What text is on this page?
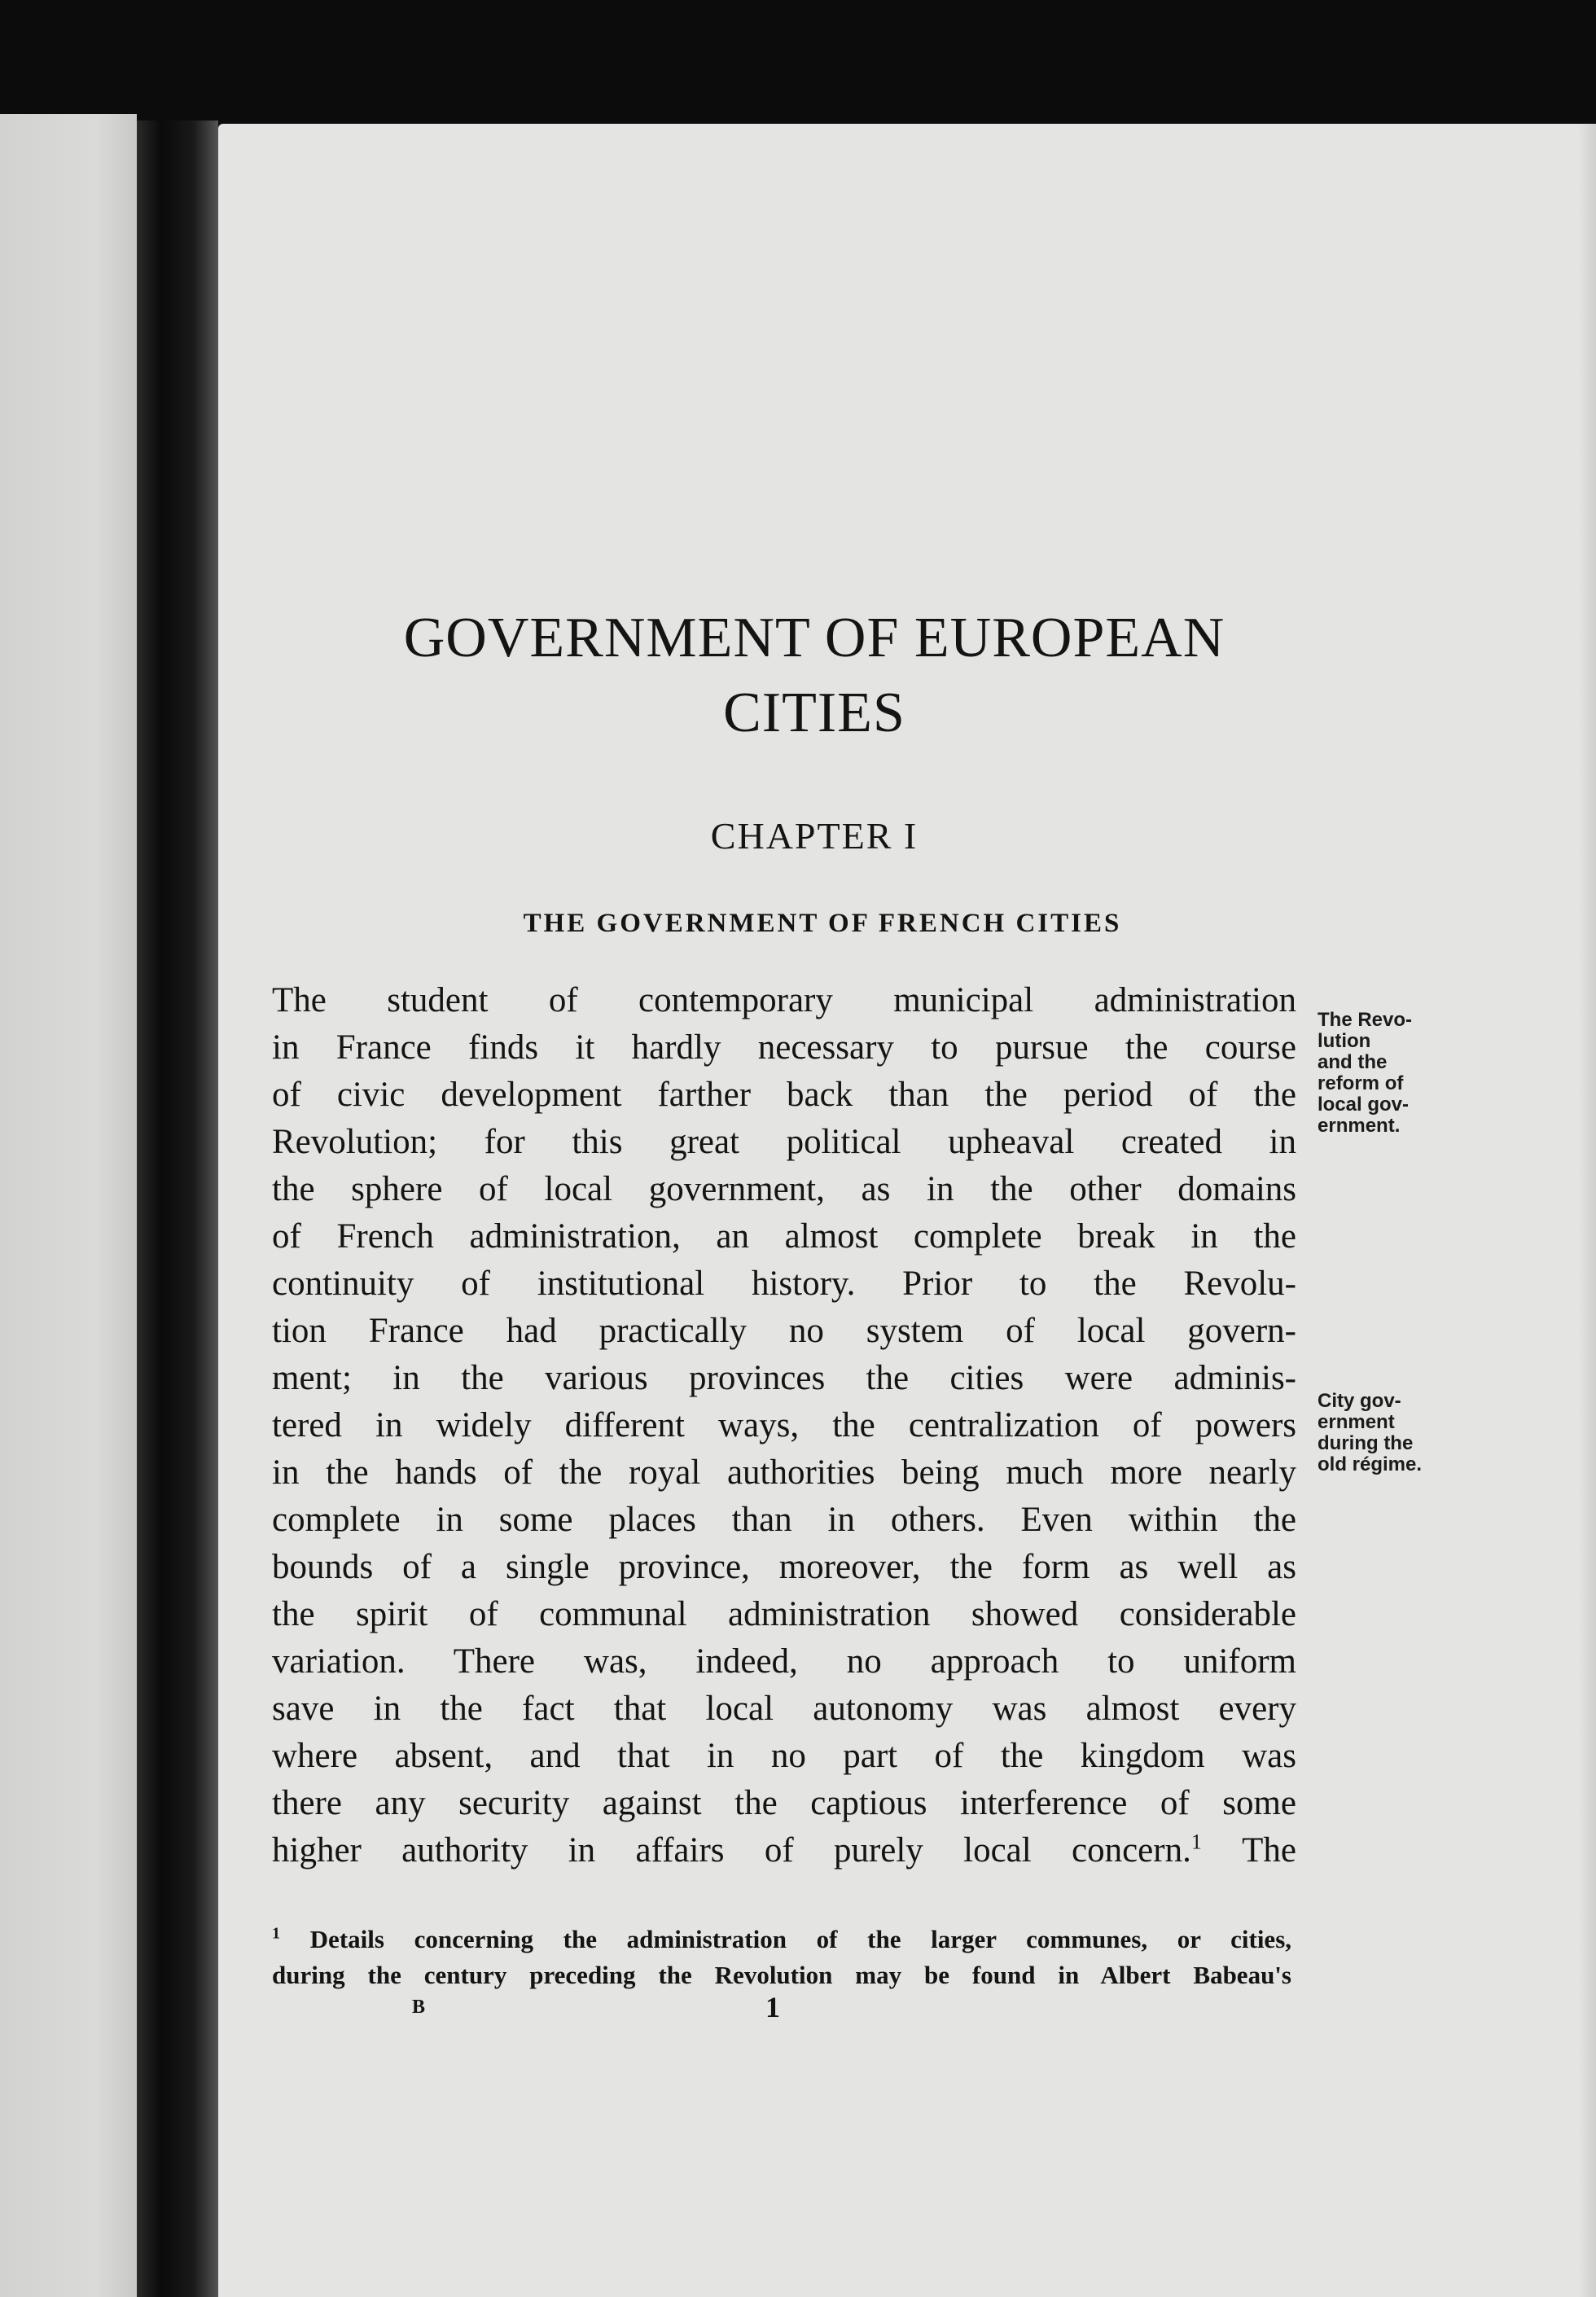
GOVERNMENT OF EUROPEAN
CITIES
CHAPTER I
THE GOVERNMENT OF FRENCH CITIES
The student of contemporary municipal administration
in France finds it hardly necessary to pursue the course
of civic development farther back than the period of the
Revolution; for this great political upheaval created in
the sphere of local government, as in the other domains
of French administration, an almost complete break in the
continuity of institutional history. Prior to the Revolu-
tion France had practically no system of local govern-
ment; in the various provinces the cities were adminis-
tered in widely different ways, the centralization of powers
in the hands of the royal authorities being much more nearly
complete in some places than in others. Even within the
bounds of a single province, moreover, the form as well as
the spirit of communal administration showed considerable
variation. There was, indeed, no approach to uniform
save in the fact that local autonomy was almost every
where absent, and that in no part of the kingdom was
there any security against the captious interference of some
higher authority in affairs of purely local concern.$^1$ The
The Revo-
lution
and the
reform of
local gov-
ernment.
City gov-
ernment
during the
old régime.
$^1$ Details concerning the administration of the larger communes, or cities,
during the century preceding the Revolution may be found in Albert Babeau's
B	1
